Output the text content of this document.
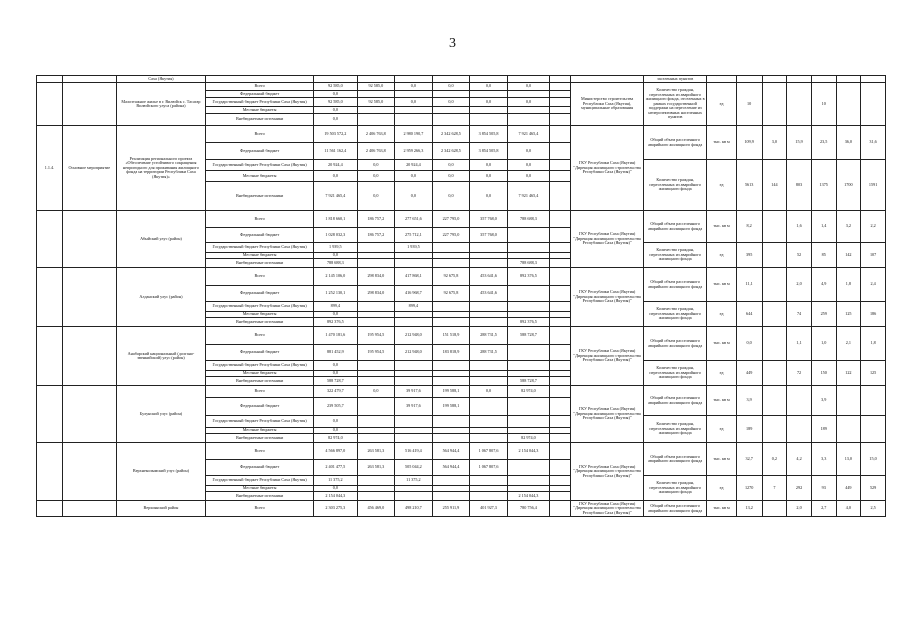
3
		Саха (Якутия)										заселенных пунктов							
		Малоэтажное жилье в г. Вилюйск с. Тасагар Вилюйского улуса (района)	Всего	92 585,0	92 585,0	0,0	0,0	0,0	0,0		Министерство строительства Республики Саха (Якутия), муниципальные образования	Количество граждан, переселенных из аварийного жилищного фонда, отселенных в рамках государственной поддержки на переселение из неперспективных населенных пунктов	ед	10			10		
			Федеральный бюджет	0,0															
			Государственный бюджет Республики Саха (Якутия)	92 585,0	92 585,0	0,0	0,0	0,0	0,0										
			Местные бюджеты	0,0															
			Внебюджетные источники	0,0															
1.1.4.	Основное мероприятие	Реализация регионального проекта «Обеспечение устойчивого сокращения непригодного для проживания жилищного фонда на территории Республики Саха (Якутия)»	Всего	19 503 572,2	2 406 763,8	2 980 190,7	2 342 628,5	3 854 505,8	7 921 465,4		ГКУ Республики Саха (Якутия) "Дирекция жилищного строительства Республики Саха (Якутия)"	Общий объем расселенного аварийного жилищного фонда	тыс. кв м	109,9	3,0	15,9	23,5	36,0	31,6
			Федеральный бюджет	11 561 162,4	2 406 763,8	2 959 266,3	2 342 628,5	3 854 505,8	0,0										
			Государственный бюджет Республики Саха (Якутия)	20 924,4	0,0	20 924,4	0,0	0,0	0,0			Количество граждан, переселенных из аварийного жилищного фонда	ед	5613	144	803	1375	1700	1591
			Местные бюджеты	0,0	0,0	0,0	0,0	0,0	0,0										
			Внебюджетные источники	7 921 465,4	0,0	0,0	0,0	0,0	7 921 465,4										
		Абыйский улус (район)	Всего	1 818 660,1	186 757,2	277 651,6	227 795,0	357 768,0	788 688,3		ГКУ Республики Саха (Якутия) "Дирекция жилищного строительства Республики Саха (Якутия)"	Общий объем расселенного аварийного жилищного фонда	тыс. кв м	8,2		1,6	1,4	3,2	2,2
			Федеральный бюджет	1 028 032,3	186 757,2	275 712,1	227 795,0	357 768,0											
			Государственный бюджет Республики Саха (Якутия)	1 939,5		1 939,5						Количество граждан, переселенных из аварийного жилищного фонда	ед	395		52	85	142	107
			Местные бюджеты	0,0															
			Внебюджетные источники	788 688,3					788 688,3										
		Алданский улус (район)	Всего	2 145 106,0	298 834,0	417 868,1	92 675,8	453 641,6	892 376,5		ГКУ Республики Саха (Якутия) "Дирекция жилищного строительства Республики Саха (Якутия)"	Общий объем расселенного аварийного жилищного фонда	тыс. кв м	11,1		2,0	4,9	1,8	2,4
			Федеральный бюджет	1 252 130,1	298 834,0	416 968,7	92 675,8	453 641,6											
			Государственный бюджет Республики Саха (Якутия)	899,4		899,4						Количество граждан, переселенных из аварийного жилищного фонда	ед	644		74	259	125	186
			Местные бюджеты	0,0															
			Внебюджетные источники	892 376,5					892 376,5										
		Анабарский национальный (долгано-эвенкийский) улус (район)	Всего	1 470 181,6	195 954,5	212 948,0	151 518,9	288 731,5	588 728,7		ГКУ Республики Саха (Якутия) "Дирекция жилищного строительства Республики Саха (Якутия)"	Общий объем расселенного аварийного жилищного фонда	тыс. кв м	0,0		1,1	1,0	2,1	1,8
			Федеральный бюджет	881 452,9	195 954,5	212 948,0	183 818,9	288 731,5											
			Государственный бюджет Республики Саха (Якутия)	0,0								Количество граждан, переселенных из аварийного жилищного фонда	ед	449		72	150	122	125
			Местные бюджеты	0,0															
			Внебюджетные источники	588 728,7					588 728,7										
		Булунский улус (район)	Всего	322 479,7	0,0	39 917,6	199 588,1	0,0	82 974,0		ГКУ Республики Саха (Якутия) "Дирекция жилищного строительства Республики Саха (Якутия)"	Общий объем расселенного аварийного жилищного фонда	тыс. кв м	3,9			3,9		
			Федеральный бюджет	239 505,7		39 917,6	199 588,1												
			Государственный бюджет Республики Саха (Якутия)	0,0								Количество граждан, переселенных из аварийного жилищного фонда	ед	189			189		
			Местные бюджеты	0,0															
			Внебюджетные источники	82 974,0					82 974,0										
		Верхнеколымский улус (район)	Всего	4 566 897,0	263 581,3	516 419,4	564 944,4	1 067 807,6	2 154 044,3		ГКУ Республики Саха (Якутия) "Дирекция жилищного строительства Республики Саха (Якутия)"	Общий объем расселенного аварийного жилищного фонда	тыс. кв м	32,7	0,2	4,2	3,3	13,0	15,0
			Федеральный бюджет	2 401 477,5	263 581,3	505 044,2	564 944,4	1 067 807,6											
			Государственный бюджет Республики Саха (Якутия)	11 375,2		11 375,2						Количество граждан, переселенных из аварийного жилищного фонда	ед	1270	7	292	93	449	529
			Местные бюджеты	0,0															
			Внебюджетные источники	2 154 044,3					2 154 044,3										
		Верхоянский район	Всего	2 303 275,3	456 469,0	498 210,7	255 911,9	401 927,3	780 756,4		ГКУ Республики Саха (Якутия) "Дирекция жилищного строительства Республики Саха (Якутия)"	Общий объем расселенного аварийного жилищного фонда	тыс. кв м	13,2		2,0	2,7	4,0	2,5
